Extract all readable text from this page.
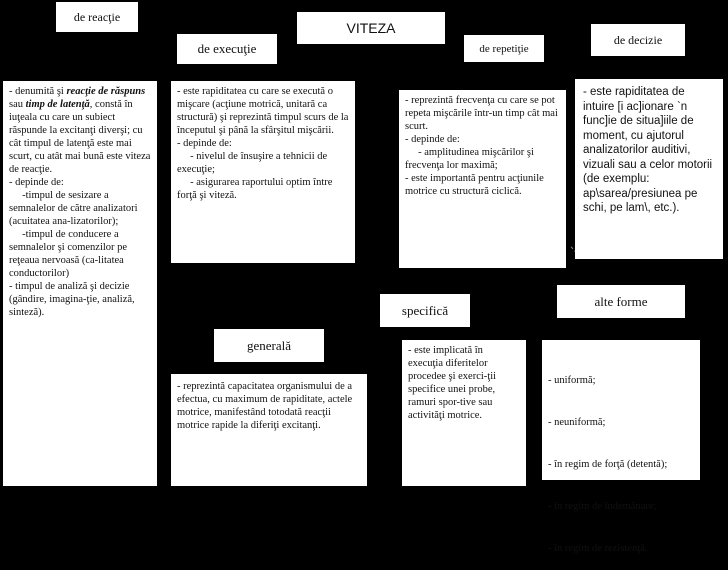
VITEZA
de reacţie
de execuţie	de repetiţie
de decizie
specifică
alte forme
generală
- denumită şi reacţie de răspuns sau timp de latenţă, constă în iuţeala cu care un subiect răspunde la excitanţi diverşi; cu cât timpul de latenţă este mai scurt, cu atât mai bună este viteza de reacţie.
- depinde de:
-timpul de sesizare a semnalelor de către analizatori (acuitatea ana-lizatorilor);
-timpul de conducere a semnalelor şi comenzilor pe reţeaua nervoasă (ca-litatea conductorilor)
- timpul de analiză şi decizie (gândire, imagina-ţie, analiză, sinteză).
- este rapiditatea cu care se execută o mişcare (acţiune motrică, unitară ca structură) şi reprezintă timpul scurs de la începutul şi până la sfârşitul mişcării.
- depinde de:
- nivelul de însuşire a tehnicii de execuţie;
- asigurarea raportului optim între forţă şi viteză.
- reprezintă frecvenţa cu care se pot repeta mişcările într-un timp cât mai scurt.
- depinde de:
- amplitudinea mişcărilor şi frecvenţa lor maximă;
- este importantă pentru acţiunile motrice cu structură ciclică.
- este rapiditatea de intuire [i ac]ionare `n func]ie de situa]iile de moment, cu ajutorul analizatorilor auditivi, vizuali sau a celor motorii (de exemplu: ap\sarea/presiunea pe schi, pe lam\, etc.).
- este implicată în execuţia diferitelor procedee şi exerci-ţii specifice unei probe, ramuri spor-tive sau activităţi motrice.

- uniformă;

- neuniformă;

- în regim de forţă (detentă);

- în regim de îndemânare;

- în regim de rezistenţă.

- reprezintă capacitatea organismului de a efectua, cu maximum de rapiditate, actele motrice, manifestând totodată reacţii motrice rapide la diferiţi excitanţi.
